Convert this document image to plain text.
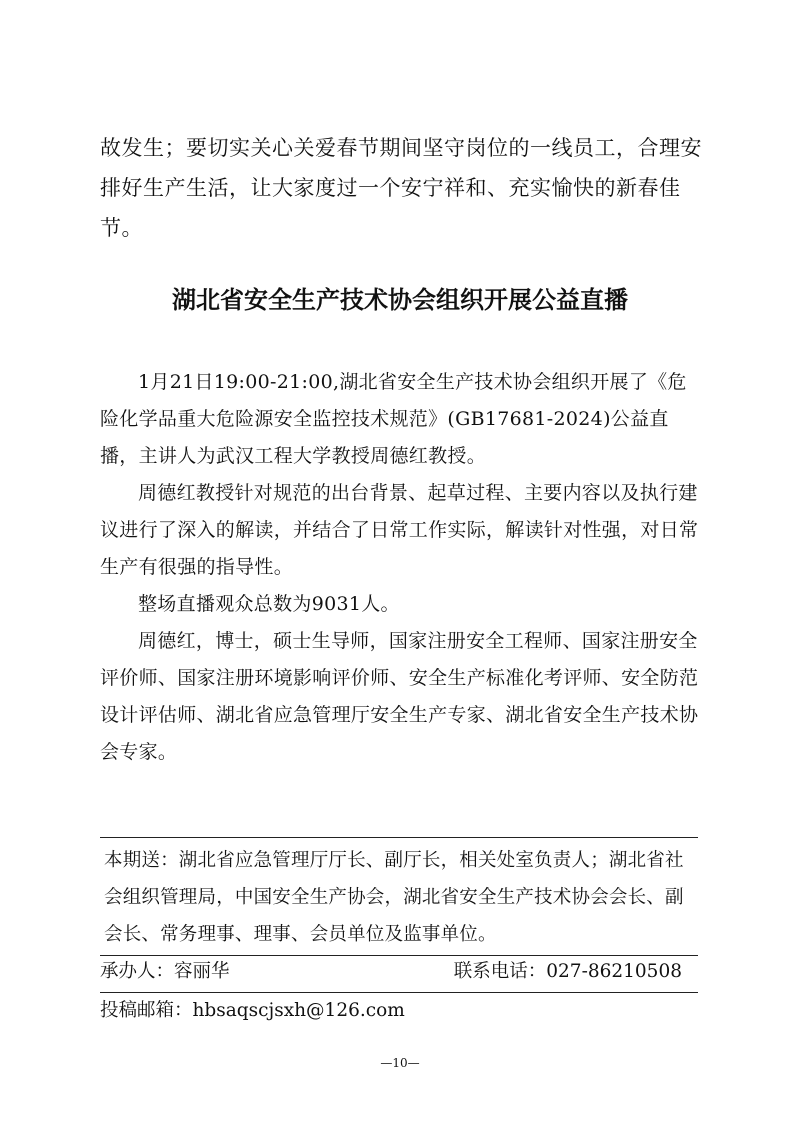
故发生；要切实关心关爱春节期间坚守岗位的一线员工，合理安排好生产生活，让大家度过一个安宁祥和、充实愉快的新春佳节。

湖北省安全生产技术协会组织开展公益直播

1月21日19:00-21:00,湖北省安全生产技术协会组织开展了《危险化学品重大危险源安全监控技术规范》(GB17681-2024)公益直播，主讲人为武汉工程大学教授周德红教授。

周德红教授针对规范的出台背景、起草过程、主要内容以及执行建议进行了深入的解读，并结合了日常工作实际，解读针对性强，对日常生产有很强的指导性。

整场直播观众总数为9031人。

周德红，博士，硕士生导师，国家注册安全工程师、国家注册安全评价师、国家注册环境影响评价师、安全生产标准化考评师、安全防范设计评估师、湖北省应急管理厅安全生产专家、湖北省安全生产技术协会专家。

本期送：湖北省应急管理厅厅长、副厅长，相关处室负责人；湖北省社会组织管理局，中国安全生产协会，湖北省安全生产技术协会会长、副会长、常务理事、理事、会员单位及监事单位。

承办人：容丽华	联系电话：027-86210508
投稿邮箱：hbsaqscjsxh@126.com
—10—
